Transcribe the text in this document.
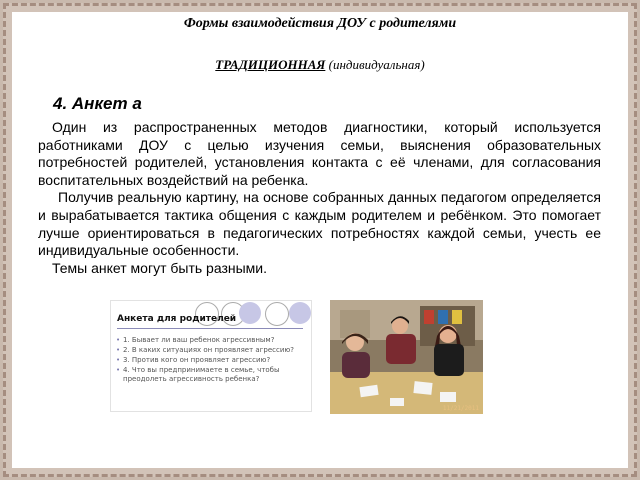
Формы взаимодействия ДОУ с родителями
ТРАДИЦИОННАЯ (индивидуальная)
4. Анкет а

Один из распространенных методов диагностики, который используется работниками ДОУ с целью изучения семьи, выяснения образовательных потребностей родителей, установления контакта с её членами, для согласования воспитательных воздействий на ребенка.

Получив реальную картину, на основе собранных данных педагогом определяется и вырабатывается тактика общения с каждым родителем и ребёнком. Это помогает лучше ориентироваться в педагогических потребностях каждой семьи, учесть ее индивидуальные особенности.

Темы анкет могут быть разными.

Анкета для родителей
• 1. Бывает ли ваш ребенок агрессивным?
• 2. В каких ситуациях он проявляет агрессию?
• 3. Против кого он проявляет агрессию?
• 4. Что вы предпринимаете в семье, чтобы преодолеть агрессивность ребенка?
11/21/2011
